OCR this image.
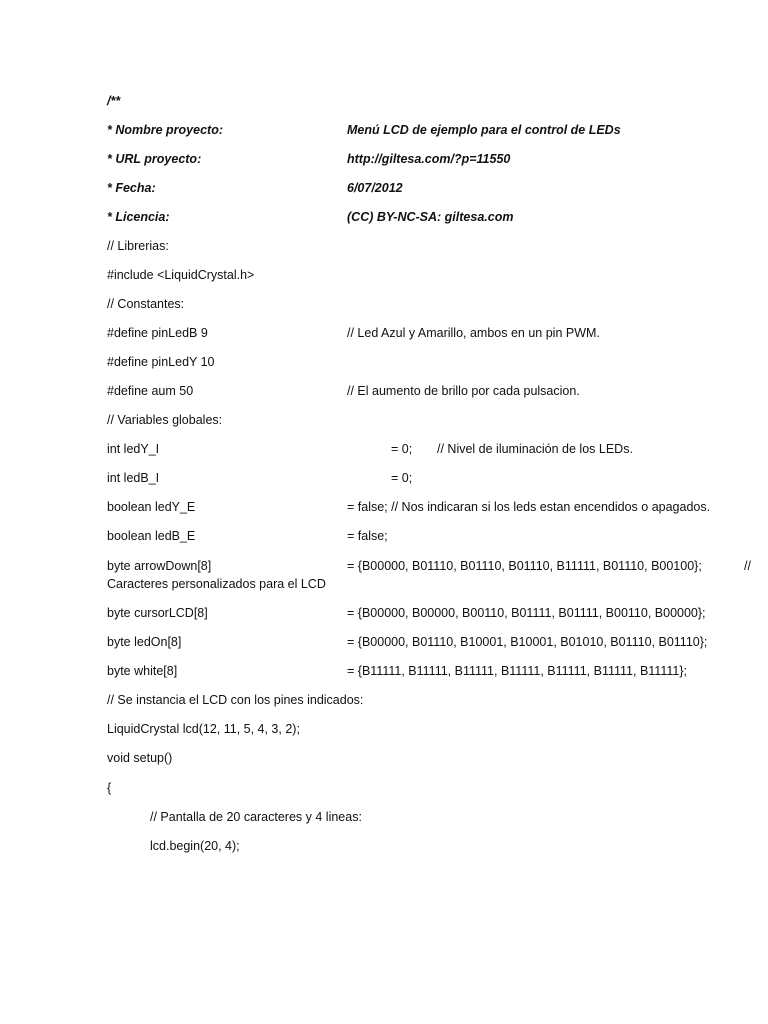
/**
* Nombre proyecto:	Menú LCD de ejemplo para el control de LEDs
* URL proyecto:	http://giltesa.com/?p=11550
* Fecha:	6/07/2012
* Licencia:	(CC) BY-NC-SA: giltesa.com
// Librerias:
#include <LiquidCrystal.h>
// Constantes:
#define pinLedB 9	// Led Azul y Amarillo, ambos en un pin PWM.
#define pinLedY 10
#define aum 50	// El aumento de brillo por cada pulsacion.
// Variables globales:
int ledY_I	= 0; // Nivel de iluminación de los LEDs.
int ledB_I	= 0;
boolean ledY_E	= false; // Nos indicaran si los leds estan encendidos o apagados.
boolean ledB_E	= false;
byte arrowDown[8]	= {B00000, B01110, B01110, B01110, B11111, B01110, B00100};	//
Caracteres personalizados para el LCD
byte cursorLCD[8]	= {B00000, B00000, B00110, B01111, B01111, B00110, B00000};
byte ledOn[8]	= {B00000, B01110, B10001, B10001, B01010, B01110, B01110};
byte white[8]	= {B11111, B11111, B11111, B11111, B11111, B11111, B11111};
// Se instancia el LCD con los pines indicados:
LiquidCrystal lcd(12, 11, 5, 4, 3, 2);
void setup()
{
// Pantalla de 20 caracteres y 4 lineas:
lcd.begin(20, 4);
